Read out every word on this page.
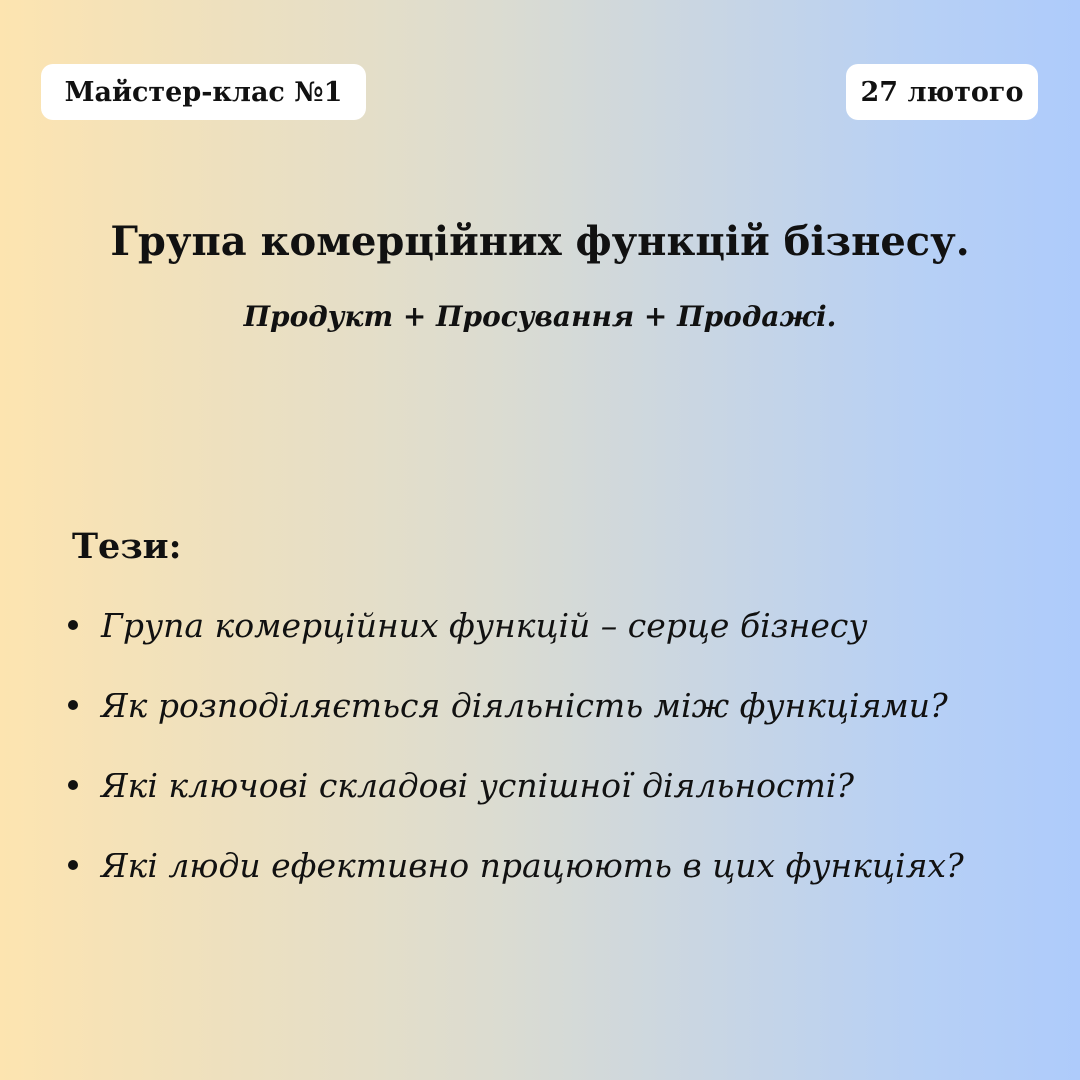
Майстер-клас №1	27 лютого
Група комерційних функцій бізнесу.

Продукт + Просування + Продажі.

Тези:
Група комерційних функцій – серце бізнесу
Як розподіляється діяльність між функціями?
Які ключові складові успішної діяльності?
Які люди ефективно працюють в цих функціях?
